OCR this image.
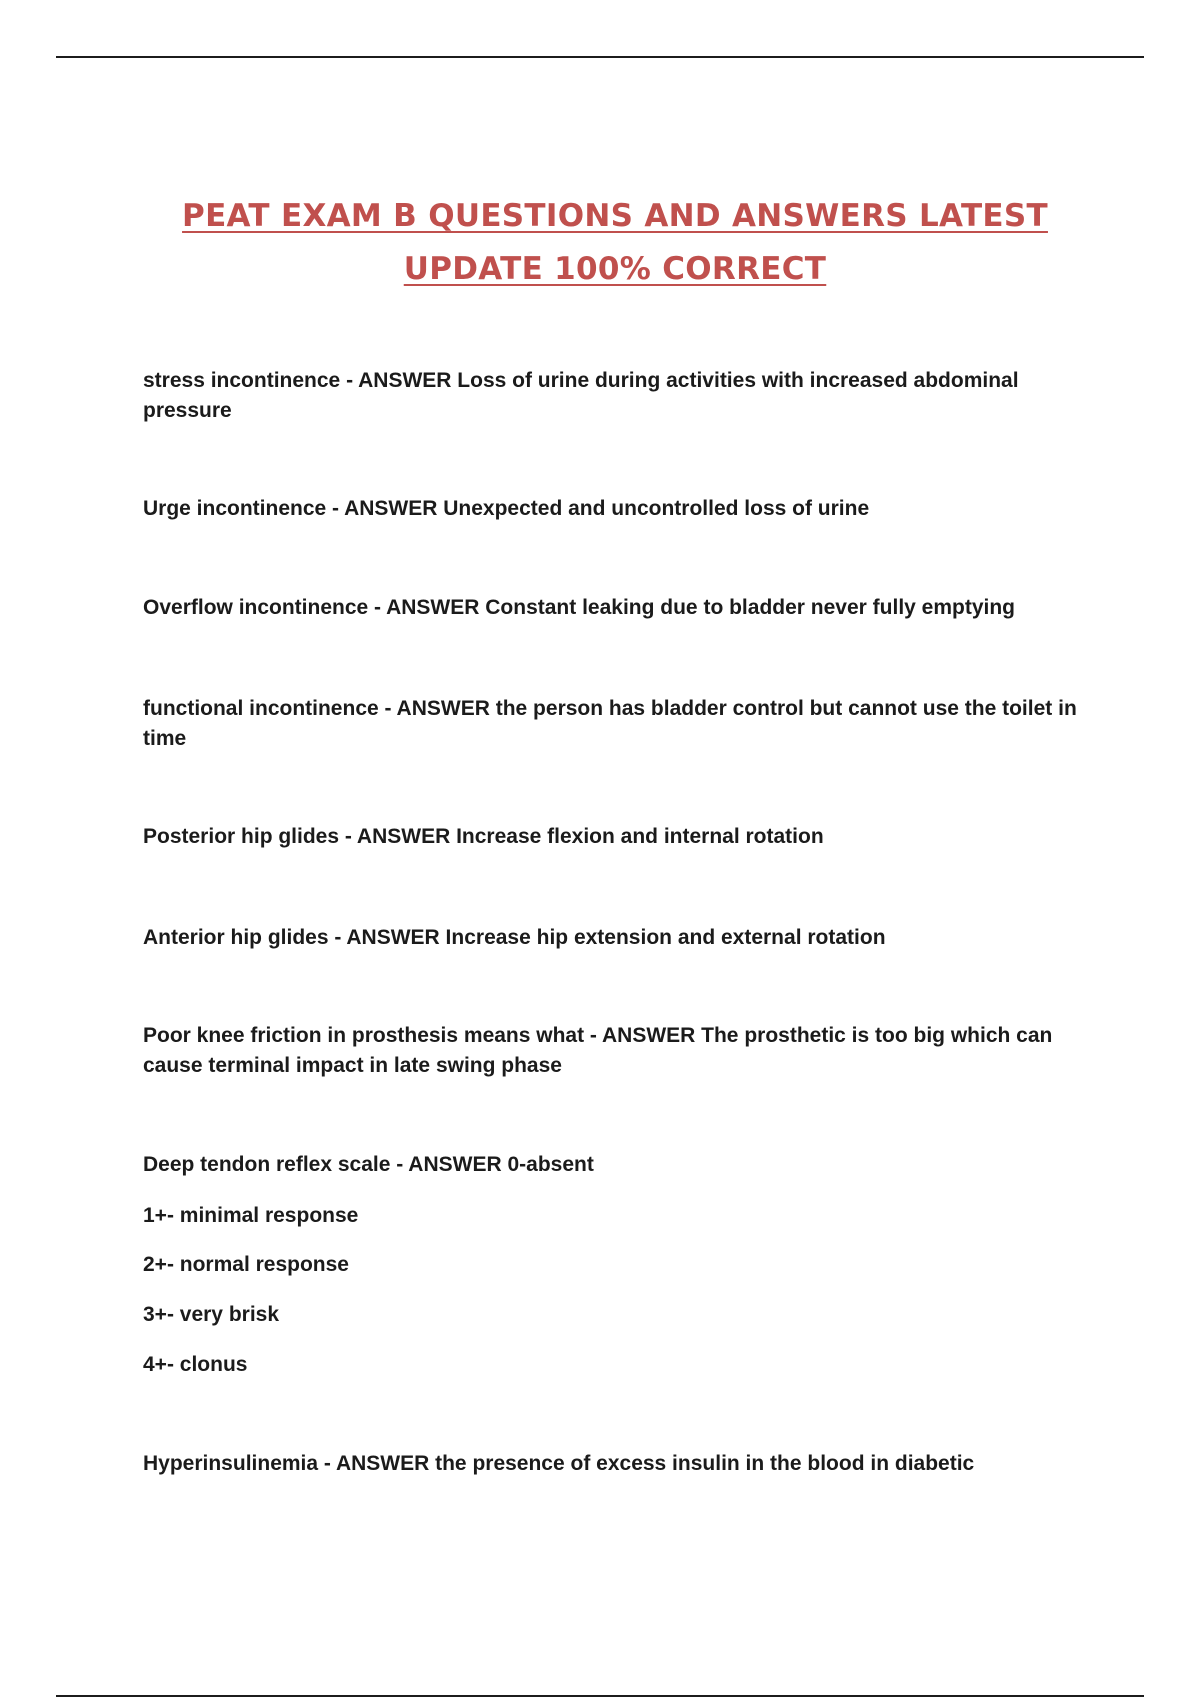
PEAT EXAM B QUESTIONS AND ANSWERS LATEST
UPDATE 100% CORRECT

stress incontinence - ANSWER Loss of urine during activities with increased abdominal pressure

Urge incontinence - ANSWER Unexpected and uncontrolled loss of urine

Overflow incontinence - ANSWER Constant leaking due to bladder never fully emptying

functional incontinence - ANSWER the person has bladder control but cannot use the toilet in time

Posterior hip glides - ANSWER Increase flexion and internal rotation

Anterior hip glides - ANSWER Increase hip extension and external rotation

Poor knee friction in prosthesis means what - ANSWER The prosthetic is too big which can cause terminal impact in late swing phase

Deep tendon reflex scale - ANSWER 0-absent

1+- minimal response

2+- normal response

3+- very brisk

4+- clonus

Hyperinsulinemia - ANSWER the presence of excess insulin in the blood in diabetic
